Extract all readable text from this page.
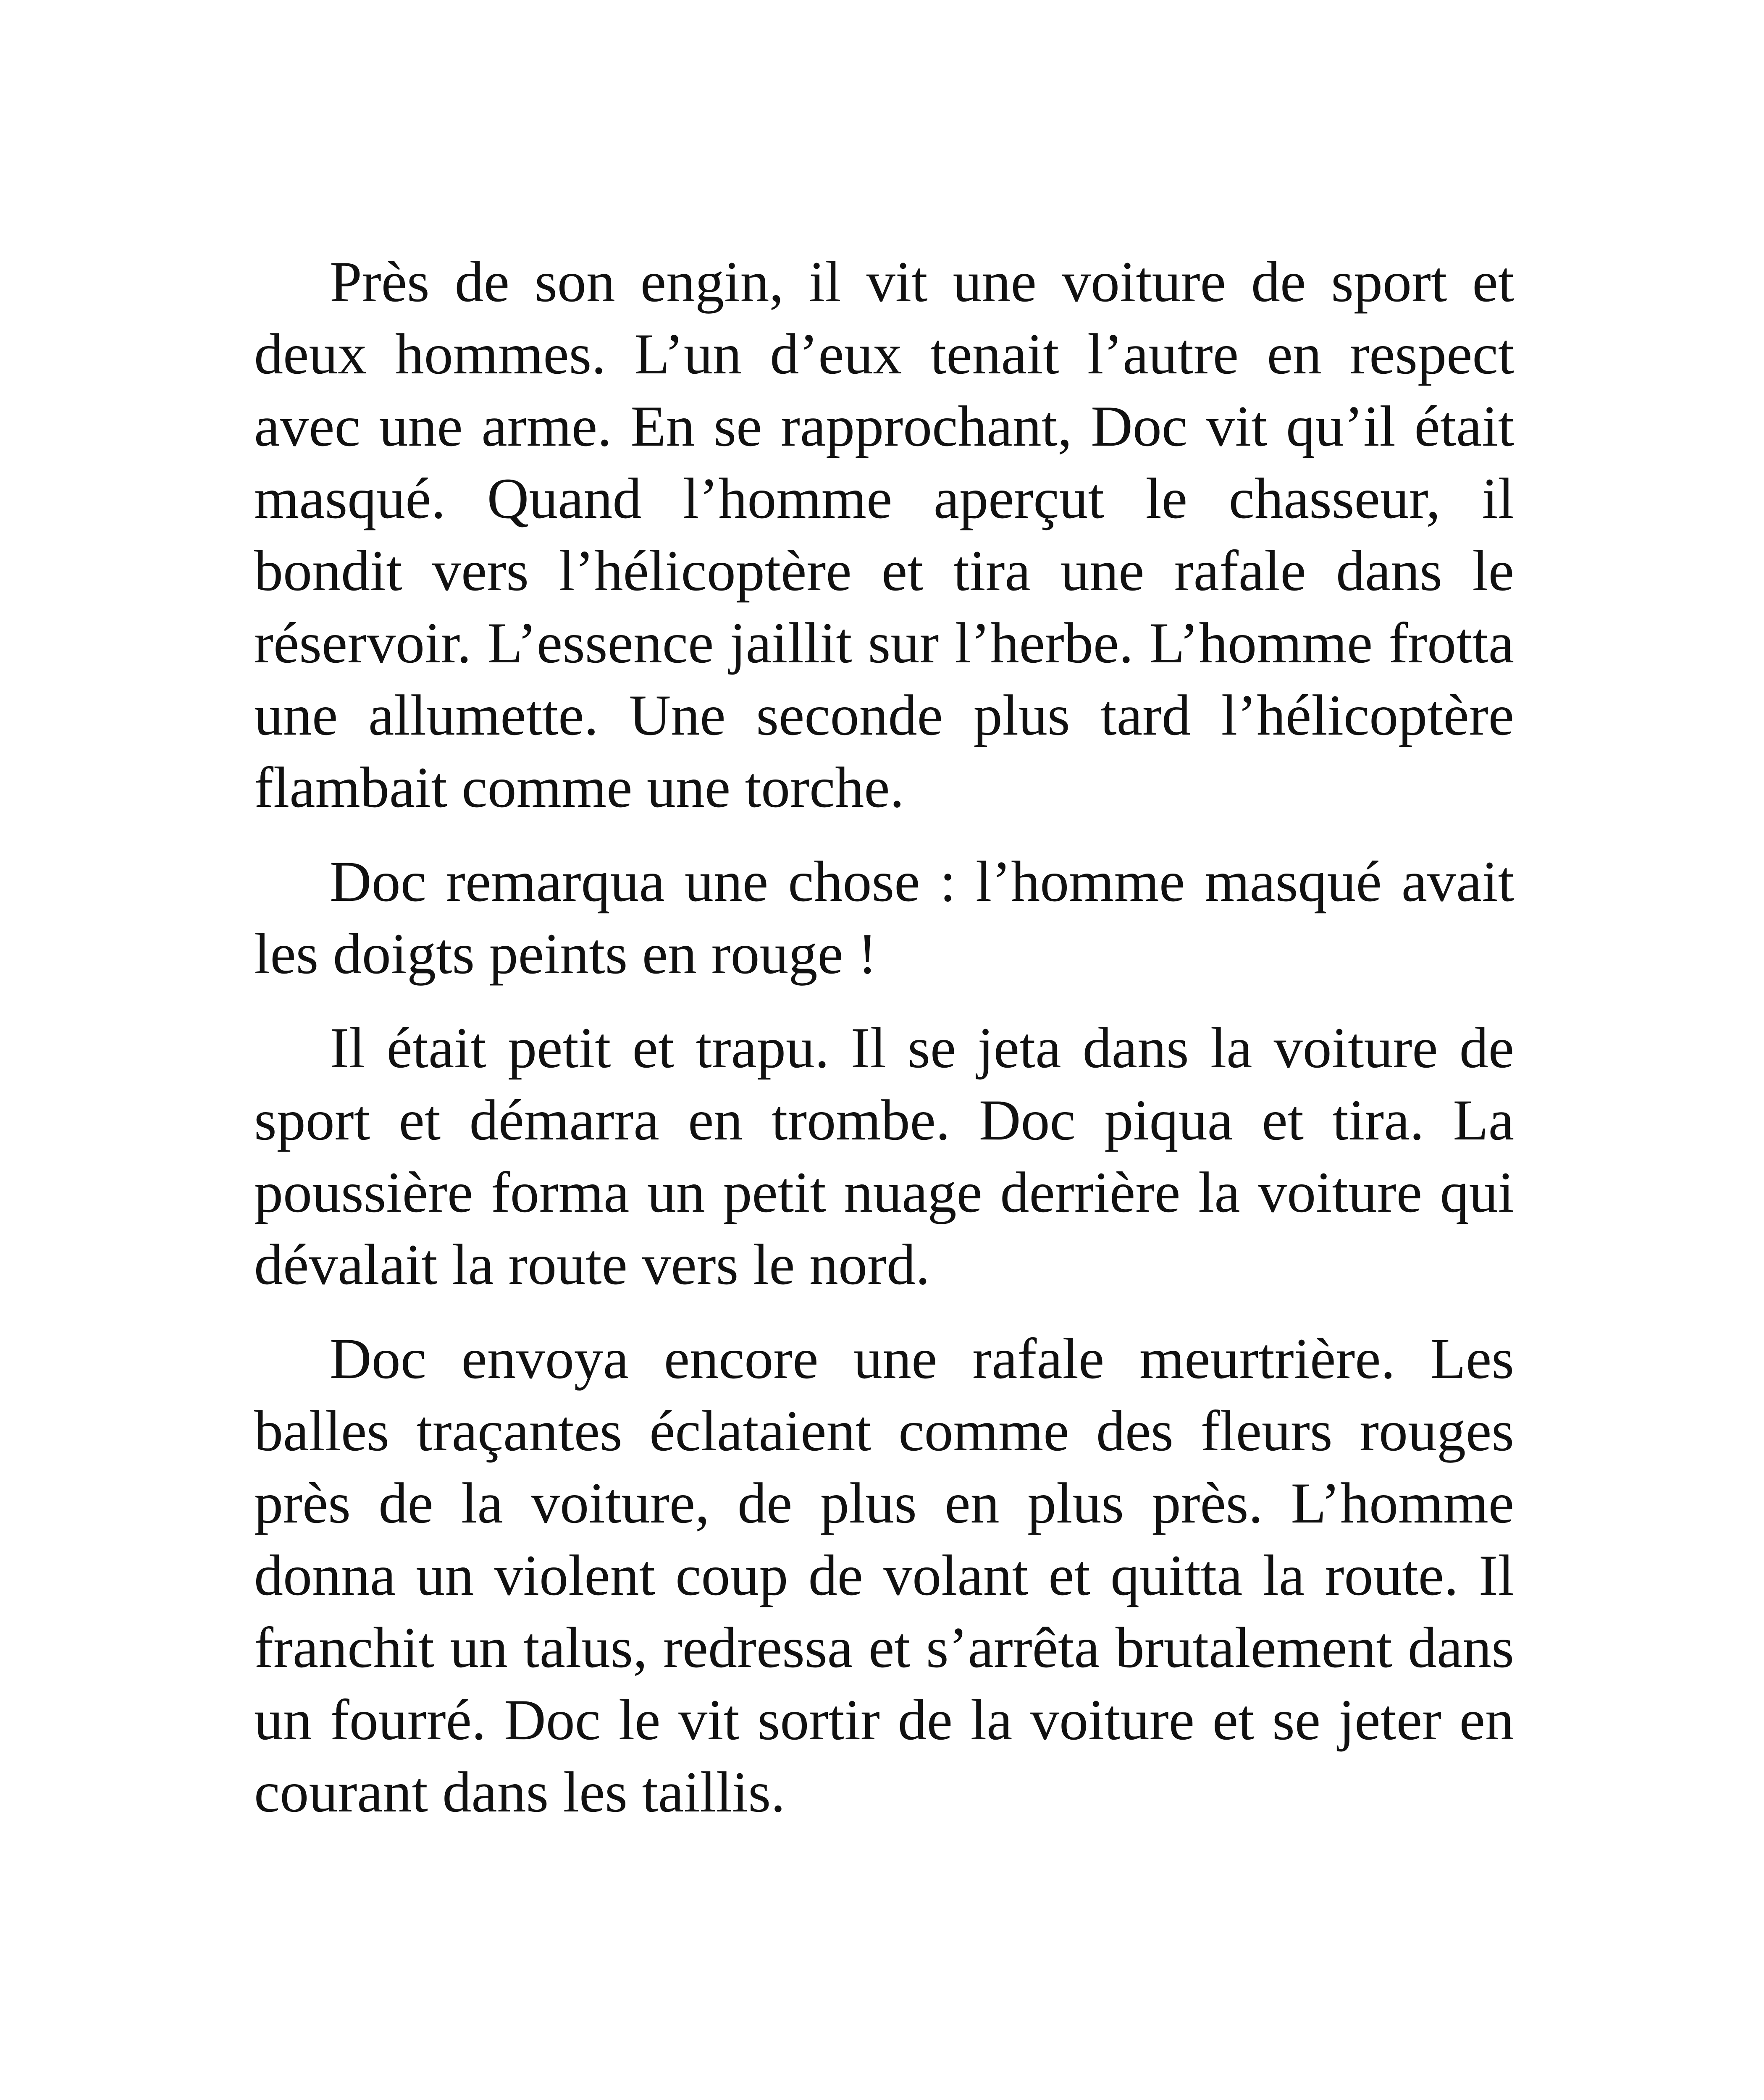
Près de son engin, il vit une voiture de sport et deux hommes. L’un d’eux tenait l’autre en respect avec une arme. En se rapprochant, Doc vit qu’il était masqué. Quand l’homme aperçut le chasseur, il bondit vers l’hélicoptère et tira une rafale dans le réservoir. L’essence jaillit sur l’herbe. L’homme frotta une allumette. Une seconde plus tard l’hélicoptère flambait comme une torche.

Doc remarqua une chose : l’homme masqué avait les doigts peints en rouge !

Il était petit et trapu. Il se jeta dans la voiture de sport et démarra en trombe. Doc piqua et tira. La poussière forma un petit nuage derrière la voiture qui dévalait la route vers le nord.

Doc envoya encore une rafale meurtrière. Les balles traçantes éclataient comme des fleurs rouges près de la voiture, de plus en plus près. L’homme donna un violent coup de volant et quitta la route. Il franchit un talus, redressa et s’arrêta brutalement dans un fourré. Doc le vit sortir de la voiture et se jeter en courant dans les taillis.
